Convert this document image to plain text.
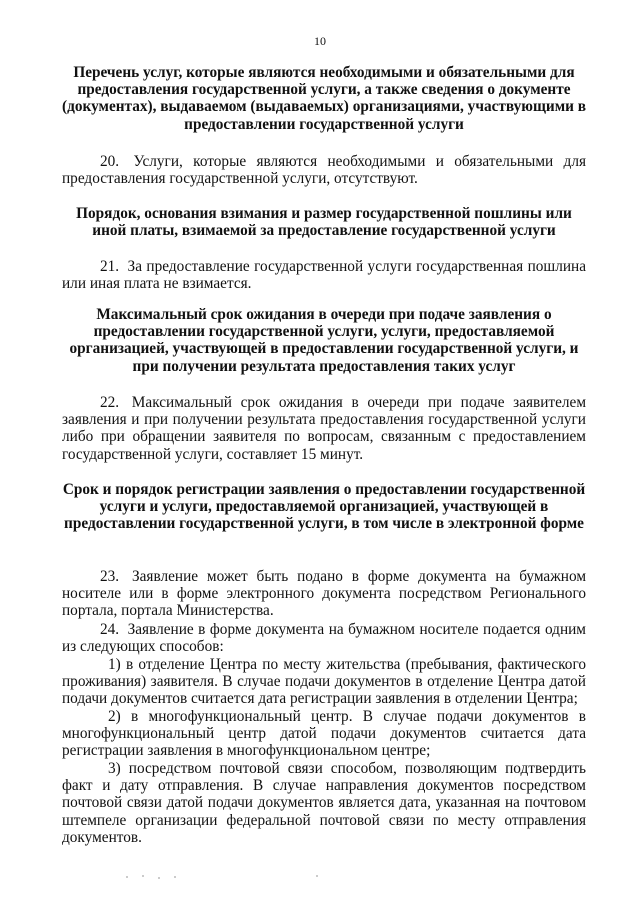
10
Перечень услуг, которые являются необходимыми и обязательными для предоставления государственной услуги, а также сведения о документе (документах), выдаваемом (выдаваемых) организациями, участвующими в предоставлении государственной услуги
20. Услуги, которые являются необходимыми и обязательными для предоставления государственной услуги, отсутствуют.
Порядок, основания взимания и размер государственной пошлины или иной платы, взимаемой за предоставление государственной услуги
21. За предоставление государственной услуги государственная пошлина или иная плата не взимается.
Максимальный срок ожидания в очереди при подаче заявления о предоставлении государственной услуги, услуги, предоставляемой организацией, участвующей в предоставлении государственной услуги, и при получении результата предоставления таких услуг
22. Максимальный срок ожидания в очереди при подаче заявителем заявления и при получении результата предоставления государственной услуги либо при обращении заявителя по вопросам, связанным с предоставлением государственной услуги, составляет 15 минут.
Срок и порядок регистрации заявления о предоставлении государственной услуги и услуги, предоставляемой организацией, участвующей в предоставлении государственной услуги, в том числе в электронной форме
23. Заявление может быть подано в форме документа на бумажном носителе или в форме электронного документа посредством Регионального портала, портала Министерства.
24. Заявление в форме документа на бумажном носителе подается одним из следующих способов:
1) в отделение Центра по месту жительства (пребывания, фактического проживания) заявителя. В случае подачи документов в отделение Центра датой подачи документов считается дата регистрации заявления в отделении Центра;
2) в многофункциональный центр. В случае подачи документов в многофункциональный центр датой подачи документов считается дата регистрации заявления в многофункциональном центре;
3) посредством почтовой связи способом, позволяющим подтвердить факт и дату отправления. В случае направления документов посредством почтовой связи датой подачи документов является дата, указанная на почтовом штемпеле организации федеральной почтовой связи по месту отправления документов.
